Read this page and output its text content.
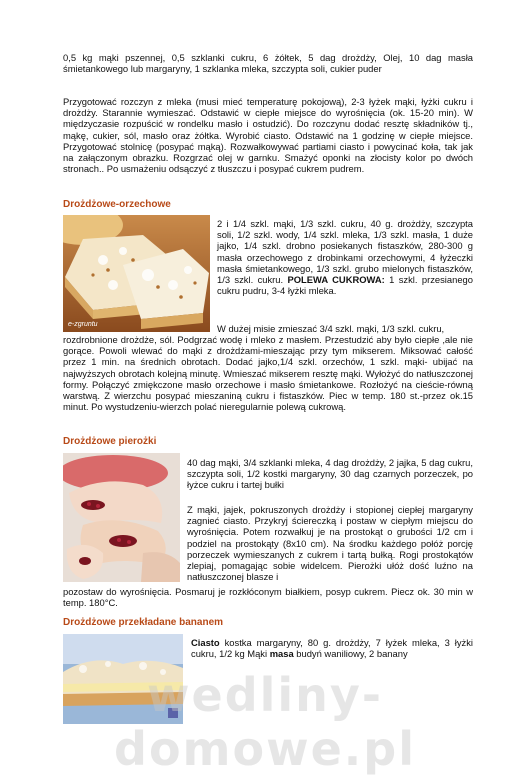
0,5 kg mąki pszennej, 0,5 szklanki cukru, 6 żółtek, 5 dag drożdży, Olej, 10 dag masła śmietankowego lub margaryny, 1 szklanka mleka, szczypta soli, cukier puder

Przygotować rozczyn z mleka (musi mieć temperaturę pokojową), 2-3 łyżek mąki, łyżki cukru i drożdży. Starannie wymieszać. Odstawić w ciepłe miejsce do wyrośnięcia (ok. 15-20 min). W międzyczasie rozpuścić w rondelku masło i ostudzić). Do rozczynu dodać resztę składników tj., mąkę, cukier, sól, masło oraz żółtka. Wyrobić ciasto. Odstawić na 1 godzinę w ciepłe miejsce. Przygotować stolnicę (posypać mąką). Rozwałkowywać partiami ciasto i powycinać koła, tak jak na załączonym obrazku. Rozgrzać olej w garnku. Smażyć oponki na złocisty kolor po dwóch stronach.. Po usmażeniu odsączyć z tłuszczu i posypać cukrem pudrem.

Drożdżowe-orzechowe
e-zgruntu

2 i 1/4 szkl. mąki, 1/3 szkl. cukru, 40 g. drożdży, szczypta soli, 1/2 szkl. wody, 1/4 szkl. mleka, 1/3 szkl. masła, 1 duże jajko, 1/4 szkl. drobno posiekanych fistaszków, 280-300 g masła orzechowego z drobinkami orzechowymi, 4 łyżeczki masła śmietankowego, 1/3 szkl. grubo mielonych fistaszków, 1/3 szkl. cukru. POLEWA CUKROWA: 1 szkl. przesianego cukru pudru, 3-4 łyżki mleka.

W dużej misie zmieszać 3/4 szkl. mąki, 1/3 szkl. cukru,

rozdrobnione drożdże, sól. Podgrzać wodę i mleko z masłem. Przestudzić aby było ciepłe ,ale nie gorące. Powoli wlewać do mąki z drożdżami-mieszając przy tym mikserem. Miksować całość przez 1 min. na średnich obrotach. Dodać jajko,1/4 szkl. orzechów, 1 szkl. mąki- ubijać na najwyższych obrotach kolejną minutę. Wmieszać mikserem resztę mąki. Wyłożyć do natłuszczonej formy. Połączyć zmiękczone masło orzechowe i masło śmietankowe. Rozłożyć na cieście-równą warstwą. Z wierzchu posypać mieszaniną cukru i fistaszków. Piec w temp. 180 st.-przez ok.15 minut. Po wystudzeniu-wierzch polać nieregularnie polewą cukrową.

Drożdżowe pierożki

40 dag mąki, 3/4 szklanki mleka, 4 dag drożdży, 2 jajka, 5 dag cukru, szczypta soli, 1/2 kostki margaryny, 30 dag czarnych porzeczek, po łyżce cukru i tartej bułki

Z mąki, jajek, pokruszonych drożdży i stopionej ciepłej margaryny zagnieć ciasto. Przykryj ściereczką i postaw w ciepłym miejscu do wyrośnięcia. Potem rozwałkuj je na prostokąt o grubości 1/2 cm i podziel na prostokąty (8x10 cm). Na środku każdego połóż porcję porzeczek wymieszanych z cukrem i tartą bułką. Rogi prostokątów zlepiaj, pomagając sobie widelcem. Pierożki ułóż dość luźno na natłuszczonej blasze i

pozostaw do wyrośnięcia. Posmaruj je rozkłóconym białkiem, posyp cukrem. Piecz ok. 30 min w temp. 180°C.

Drożdżowe przekładane bananem

Ciasto kostka margaryny, 80 g. drożdży, 7 łyżek mleka, 3 łyżki cukru, 1/2 kg Mąki masa budyń waniliowy, 2 banany

wedliny-domowe.pl
